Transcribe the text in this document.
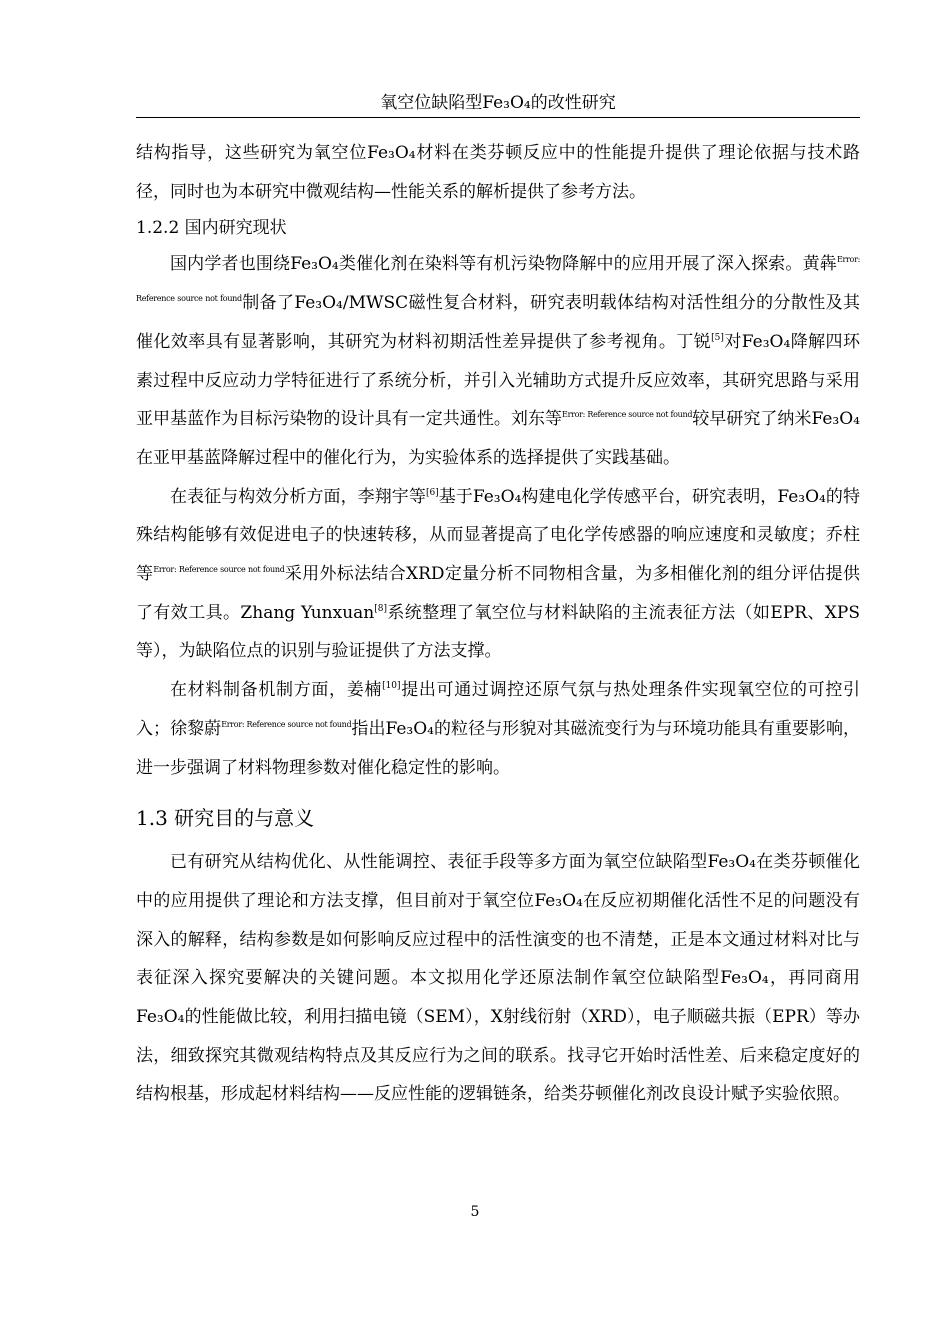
氧空位缺陷型Fe₃O₄的改性研究

结构指导，这些研究为氧空位Fe₃O₄材料在类芬顿反应中的性能提升提供了理论依据与技术路径，同时也为本研究中微观结构—性能关系的解析提供了参考方法。

1.2.2 国内研究现状

国内学者也围绕Fe₃O₄类催化剂在染料等有机污染物降解中的应用开展了深入探索。黄犇$^{Error: Reference source not found}$制备了Fe₃O₄/MWSC磁性复合材料，研究表明载体结构对活性组分的分散性及其催化效率具有显著影响，其研究为材料初期活性差异提供了参考视角。丁锐[5]对Fe₃O₄降解四环素过程中反应动力学特征进行了系统分析，并引入光辅助方式提升反应效率，其研究思路与采用亚甲基蓝作为目标污染物的设计具有一定共通性。刘东等$^{Error: Reference source not found}$较早研究了纳米Fe₃O₄在亚甲基蓝降解过程中的催化行为，为实验体系的选择提供了实践基础。

在表征与构效分析方面，李翔宇等[6]基于Fe₃O₄构建电化学传感平台，研究表明，Fe₃O₄的特殊结构能够有效促进电子的快速转移，从而显著提高了电化学传感器的响应速度和灵敏度；乔柱等$^{Error: Reference source not found}$采用外标法结合XRD定量分析不同物相含量，为多相催化剂的组分评估提供了有效工具。Zhang Yunxuan[8]系统整理了氧空位与材料缺陷的主流表征方法（如EPR、XPS等），为缺陷位点的识别与验证提供了方法支撑。

在材料制备机制方面，姜楠[10]提出可通过调控还原气氛与热处理条件实现氧空位的可控引入；徐黎蔚$^{Error: Reference source not found}$指出Fe₃O₄的粒径与形貌对其磁流变行为与环境功能具有重要影响，进一步强调了材料物理参数对催化稳定性的影响。

1.3 研究目的与意义

已有研究从结构优化、从性能调控、表征手段等多方面为氧空位缺陷型Fe₃O₄在类芬顿催化中的应用提供了理论和方法支撑，但目前对于氧空位Fe₃O₄在反应初期催化活性不足的问题没有深入的解释，结构参数是如何影响反应过程中的活性演变的也不清楚，正是本文通过材料对比与表征深入探究要解决的关键问题。本文拟用化学还原法制作氧空位缺陷型Fe₃O₄，再同商用Fe₃O₄的性能做比较，利用扫描电镜（SEM），X射线衍射（XRD），电子顺磁共振（EPR）等办法，细致探究其微观结构特点及其反应行为之间的联系。找寻它开始时活性差、后来稳定度好的结构根基，形成起材料结构——反应性能的逻辑链条，给类芬顿催化剂改良设计赋予实验依照。

5
